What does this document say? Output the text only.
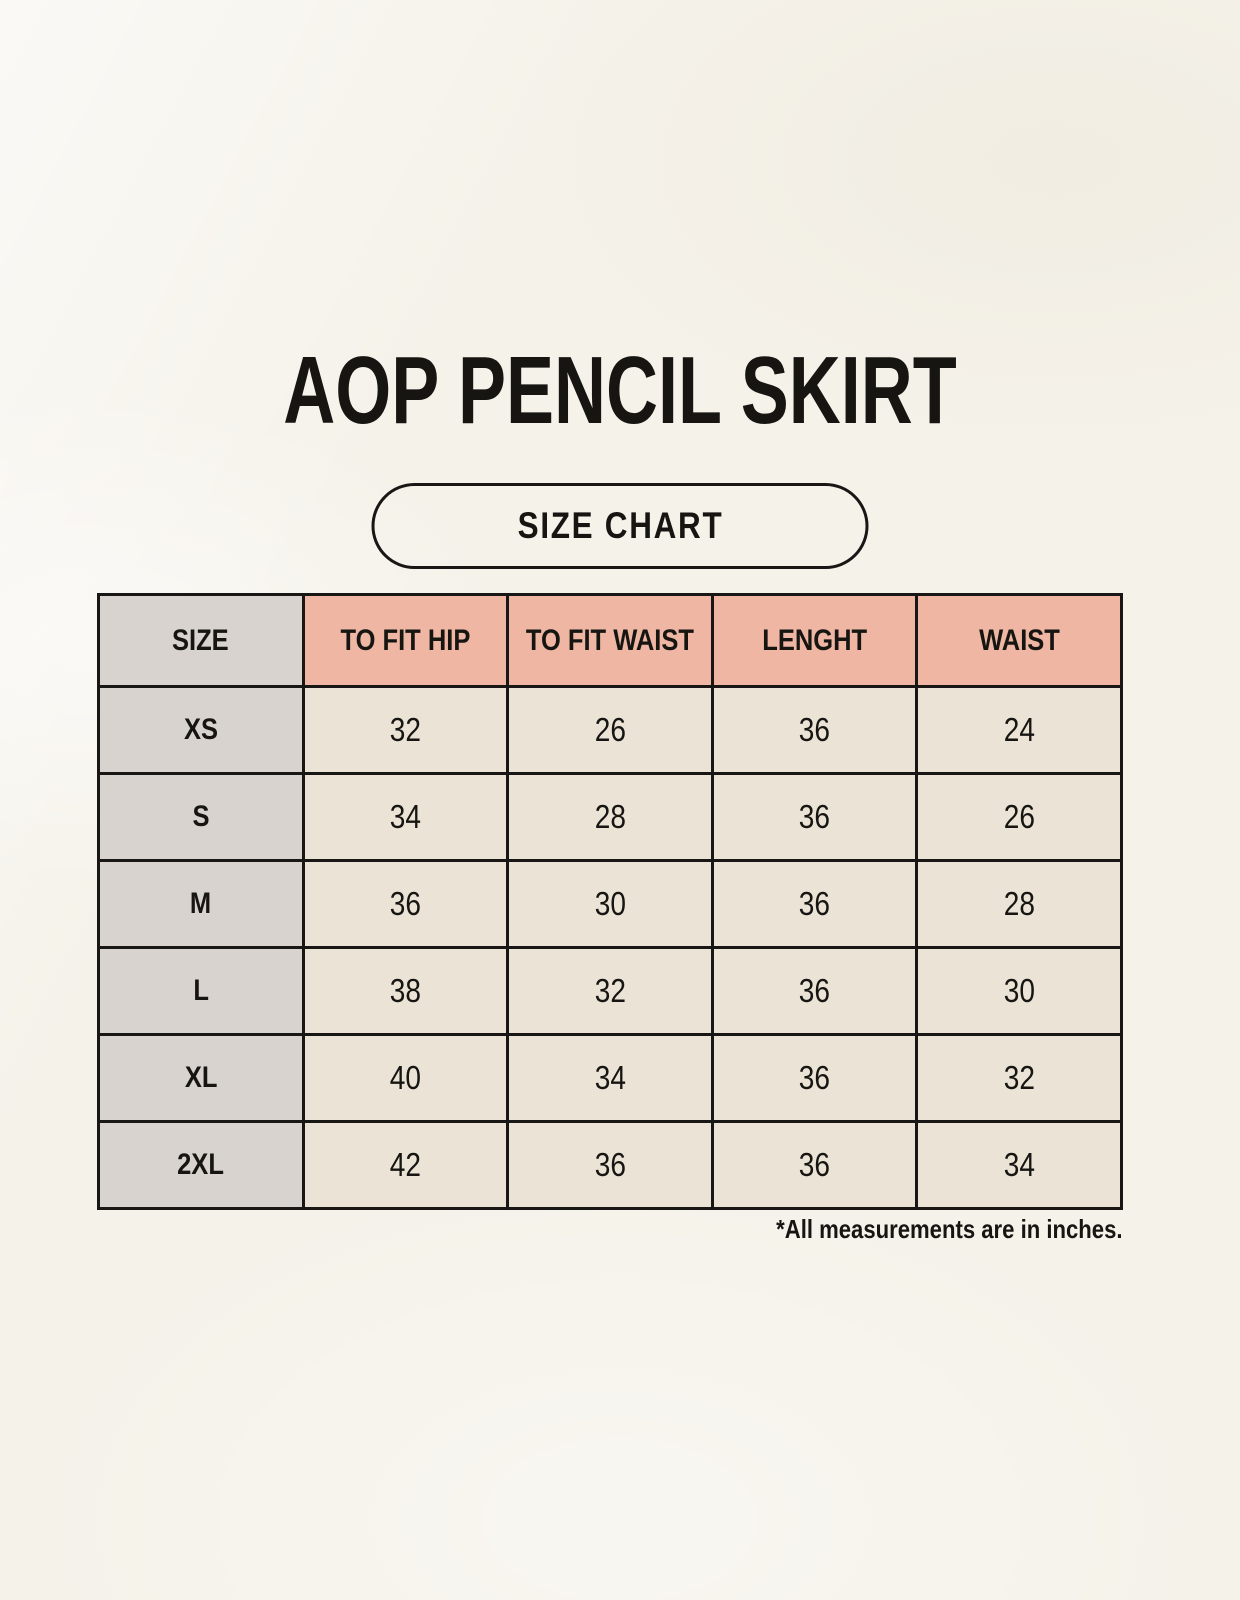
AOP PENCIL SKIRT
SIZE CHART
SIZE	TO FIT HIP	TO FIT WAIST	LENGHT	WAIST
XS	32	26	36	24
S	34	28	36	26
M	36	30	36	28
L	38	32	36	30
XL	40	34	36	32
2XL	42	36	36	34
*All measurements are in inches.
